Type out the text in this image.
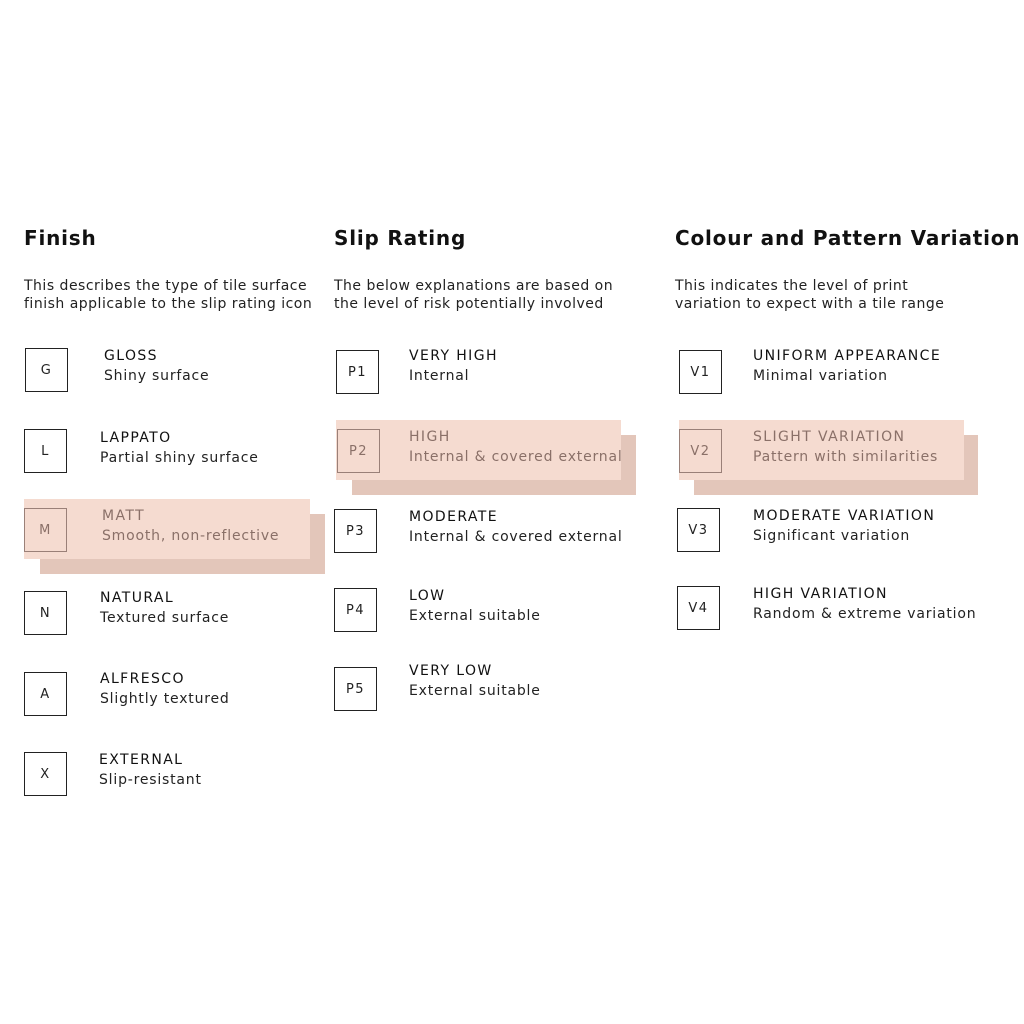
Finish
This describes the type of tile surface
finish applicable to the slip rating icon
G
GLOSS
Shiny surface
L
LAPPATO
Partial shiny surface
M
MATT
Smooth, non-reflective
N
NATURAL
Textured surface
A
ALFRESCO
Slightly textured
X
EXTERNAL
Slip-resistant
Slip Rating
The below explanations are based on
the level of risk potentially involved
P1
VERY HIGH
Internal
P2
HIGH
Internal & covered external
P3
MODERATE
Internal & covered external
P4
LOW
External suitable
P5
VERY LOW
External suitable
Colour and Pattern Variation
This indicates the level of print
variation to expect with a tile range
V1
UNIFORM APPEARANCE
Minimal variation
V2
SLIGHT VARIATION
Pattern with similarities
V3
MODERATE VARIATION
Significant variation
V4
HIGH VARIATION
Random & extreme variation
